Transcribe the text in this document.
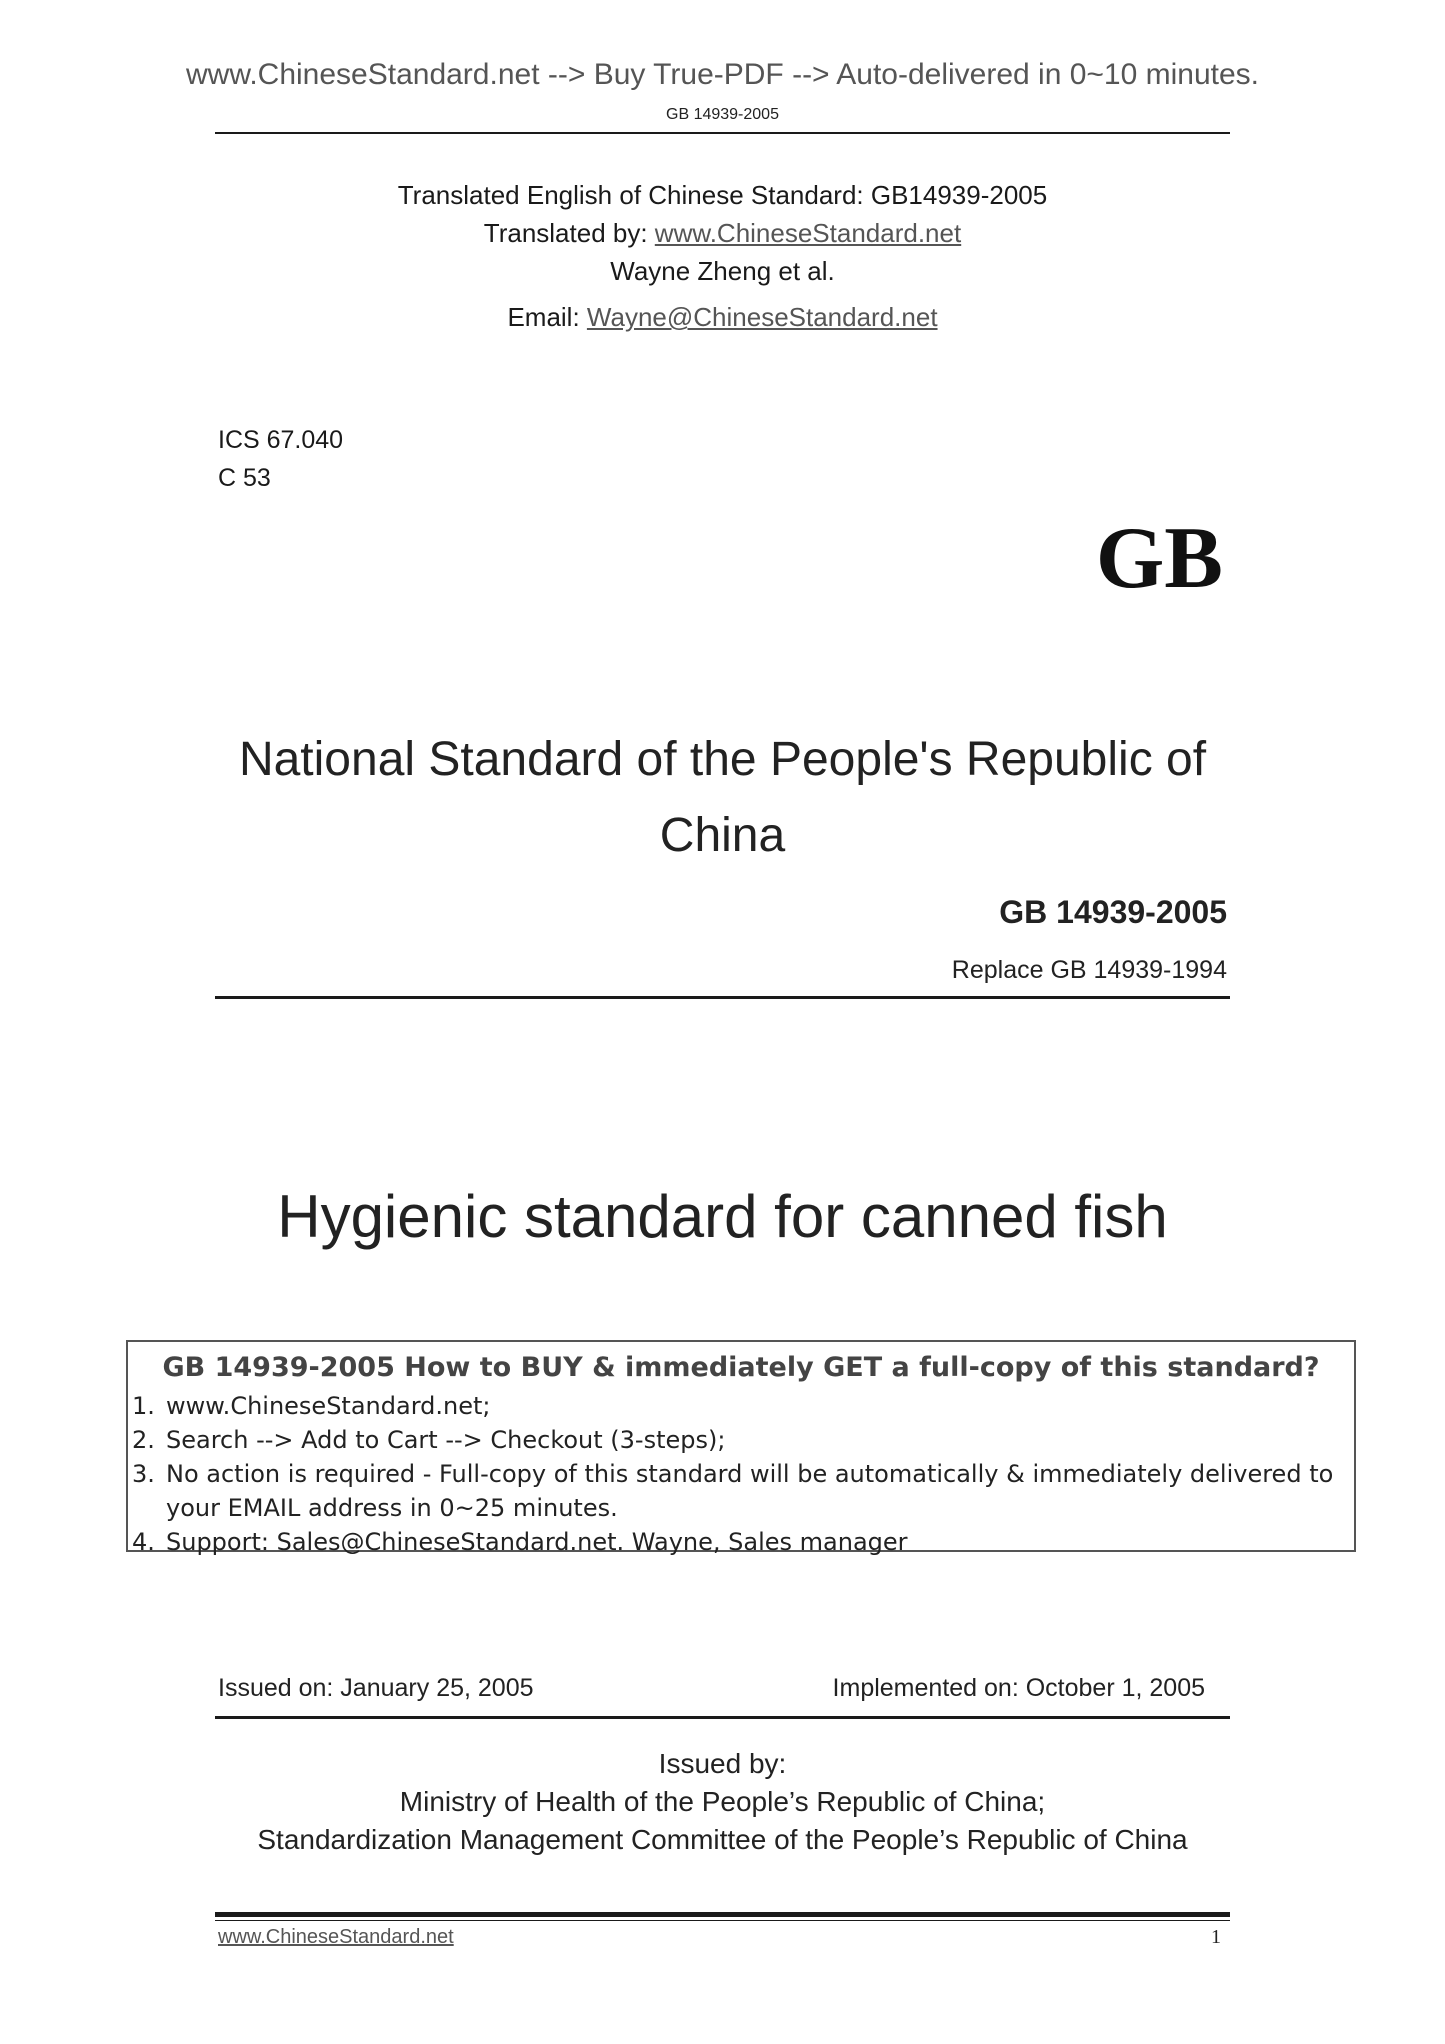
www.ChineseStandard.net --> Buy True-PDF --> Auto-delivered in 0~10 minutes.
GB 14939-2005
Translated English of Chinese Standard: GB14939-2005
Translated by: www.ChineseStandard.net
Wayne Zheng et al.
Email: Wayne@ChineseStandard.net
ICS 67.040
C 53
GB
National Standard of the People's Republic of
China
GB 14939-2005
Replace GB 14939-1994
Hygienic standard for canned fish
GB 14939-2005 How to BUY & immediately GET a full-copy of this standard?
1. www.ChineseStandard.net;
2. Search --> Add to Cart --> Checkout (3-steps);
3. No action is required - Full-copy of this standard will be automatically & immediately delivered to
your EMAIL address in 0~25 minutes.
4. Support: Sales@ChineseStandard.net. Wayne, Sales manager
Issued on: January 25, 2005	Implemented on: October 1, 2005
Issued by:
Ministry of Health of the People’s Republic of China;
Standardization Management Committee of the People’s Republic of China
www.ChineseStandard.net	1
